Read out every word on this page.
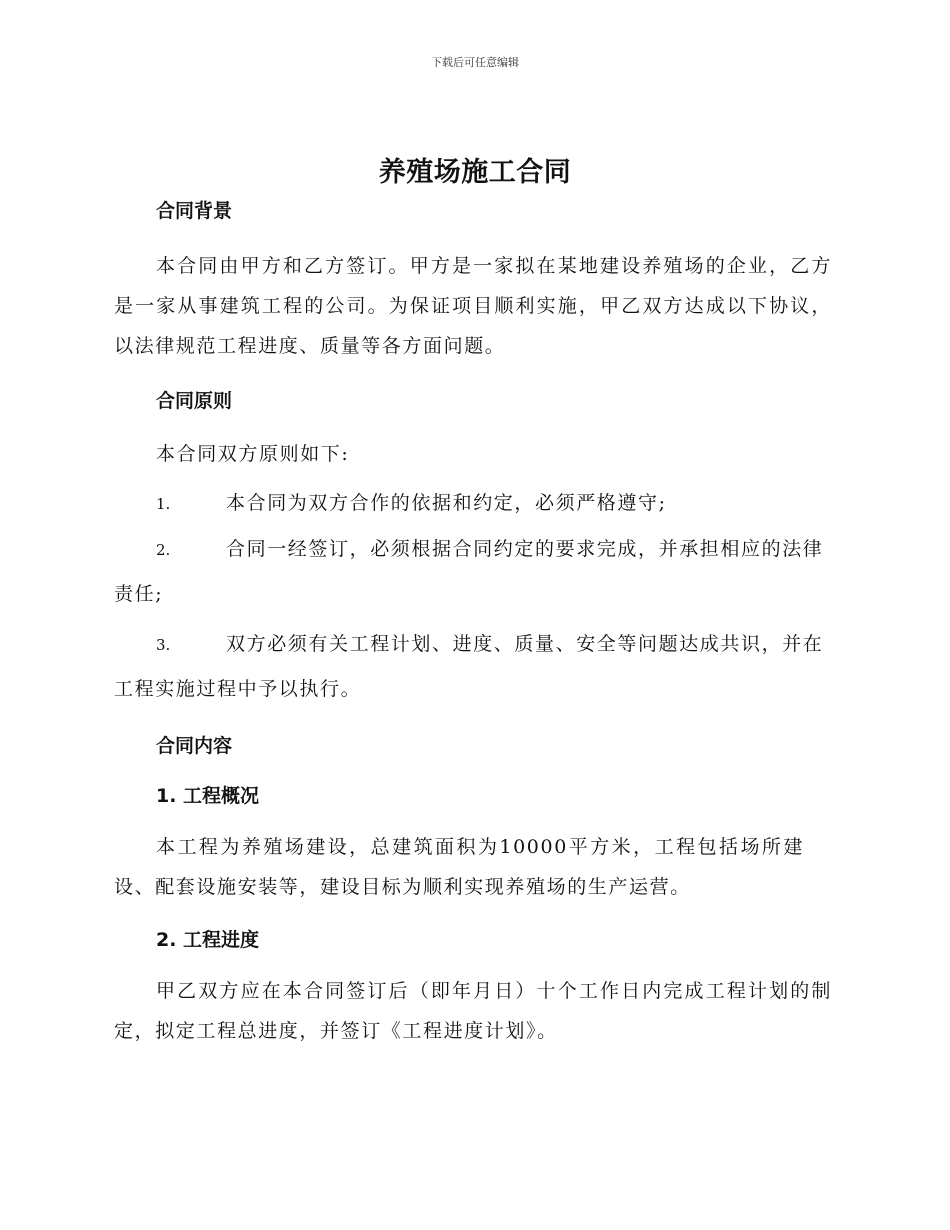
下载后可任意编辑
养殖场施工合同

合同背景

本合同由甲方和乙方签订。甲方是一家拟在某地建设养殖场的企业，乙方是一家从事建筑工程的公司。为保证项目顺利实施，甲乙双方达成以下协议，以法律规范工程进度、质量等各方面问题。

合同原则

本合同双方原则如下:

1.	本合同为双方合作的依据和约定，必须严格遵守;

2.	合同一经签订，必须根据合同约定的要求完成，并承担相应的法律责任;

3.	双方必须有关工程计划、进度、质量、安全等问题达成共识，并在工程实施过程中予以执行。

合同内容

1. 工程概况

本工程为养殖场建设，总建筑面积为10000平方米，工程包括场所建设、配套设施安装等，建设目标为顺利实现养殖场的生产运营。

2. 工程进度

甲乙双方应在本合同签订后（即年月日）十个工作日内完成工程计划的制定，拟定工程总进度，并签订《工程进度计划》。
